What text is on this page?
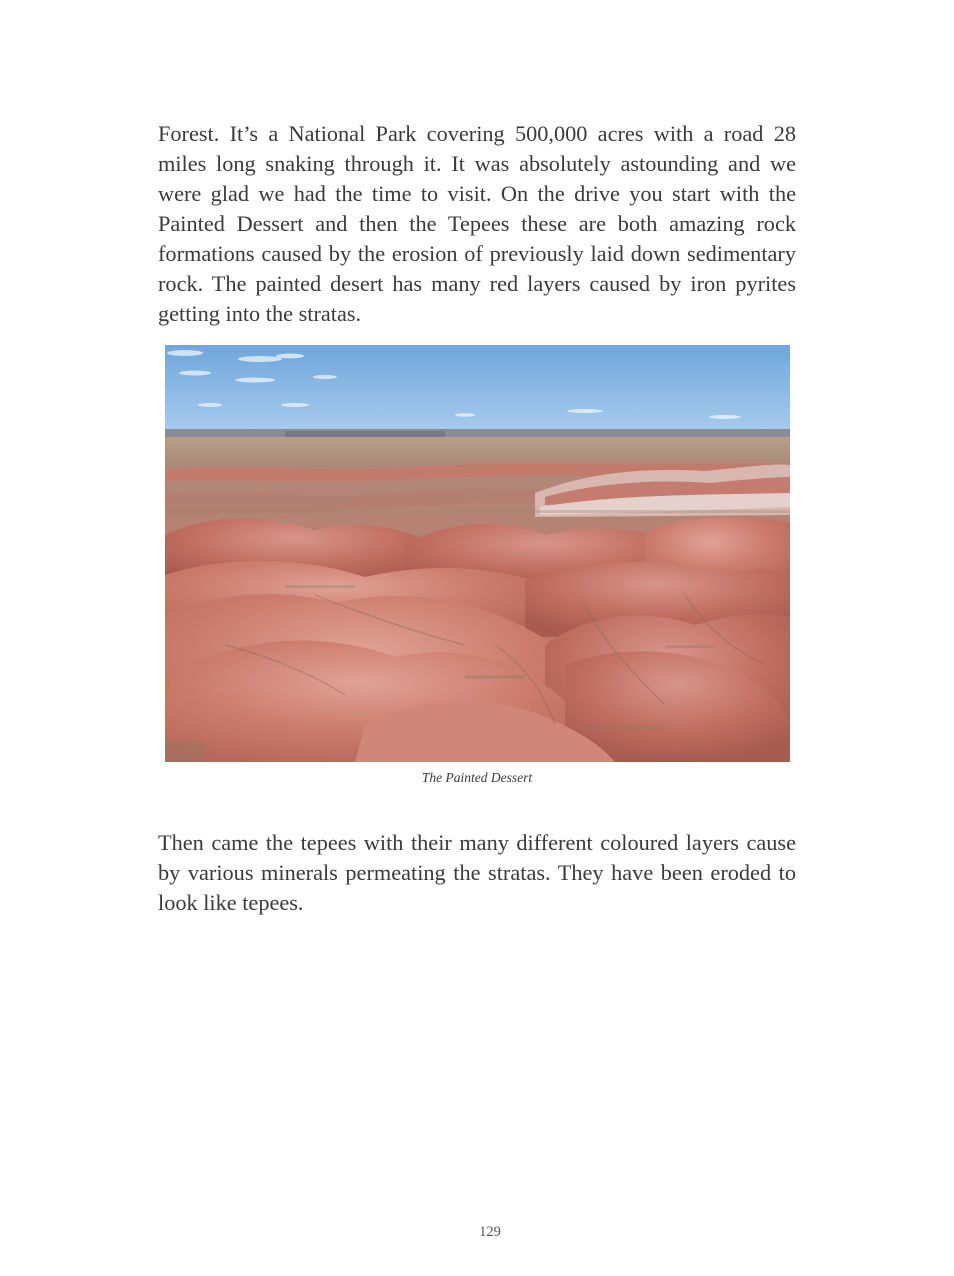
Forest. It’s a National Park covering 500,000 acres with a road 28 miles long snaking through it. It was absolutely astounding and we were glad we had the time to visit. On the drive you start with the Painted Dessert and then the Tepees these are both amazing rock formations caused by the erosion of previously laid down sedimentary rock. The painted desert has many red layers caused by iron pyrites getting into the stratas.

The Painted Dessert

Then came the tepees with their many different coloured layers cause by various minerals permeating the stratas. They have been eroded to look like tepees.

129
